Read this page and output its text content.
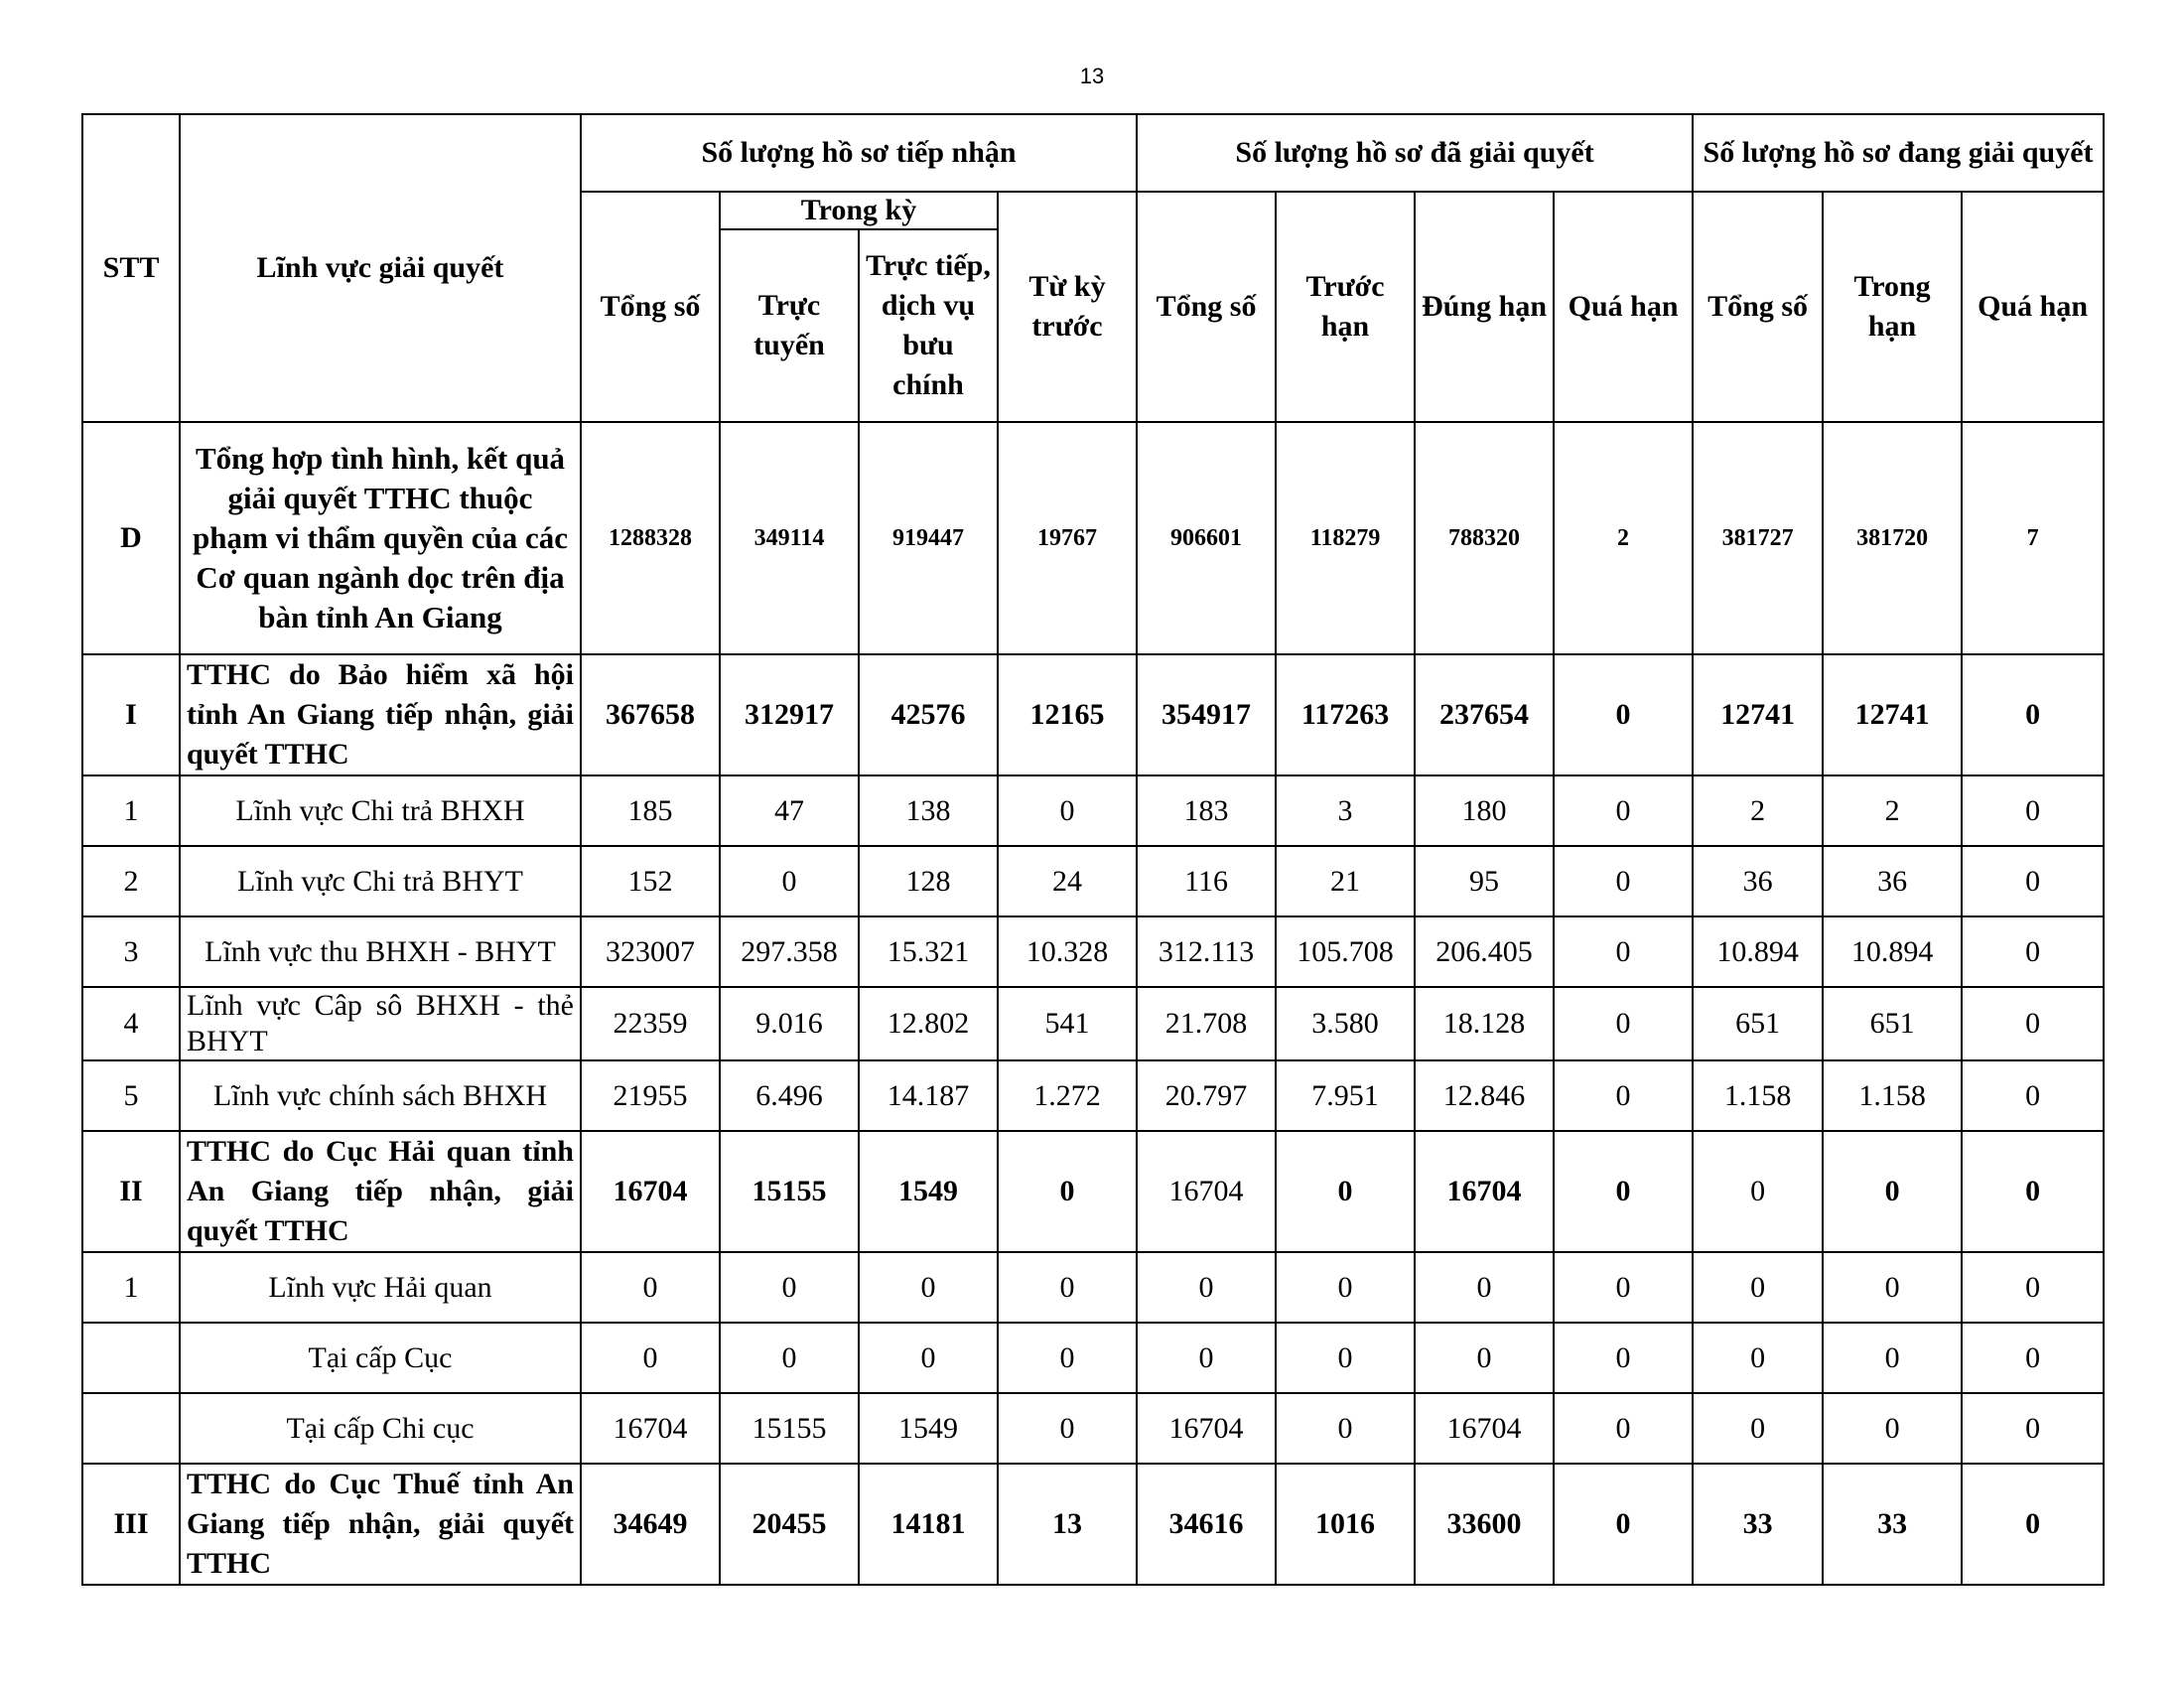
13
STT	Lĩnh vực giải quyết	Số lượng hồ sơ tiếp nhận				Số lượng hồ sơ đã giải quyết				Số lượng hồ sơ đang giải quyết		
		Tổng số	Trong kỳ		Từ kỳ trước	Tổng số	Trước hạn	Đúng hạn	Quá hạn	Tổng số	Trong hạn	Quá hạn
			Trực tuyến	Trực tiếp, dịch vụ bưu chính								
D	Tổng hợp tình hình, kết quả giải quyết TTHC thuộc phạm vi thẩm quyền của các Cơ quan ngành dọc trên địa bàn tỉnh An Giang	1288328	349114	919447	19767	906601	118279	788320	2	381727	381720	7
I	TTHC do Bảo hiểm xã hội tỉnh An Giang tiếp nhận, giải quyết TTHC	367658	312917	42576	12165	354917	117263	237654	0	12741	12741	0
1	Lĩnh vực Chi trả BHXH	185	47	138	0	183	3	180	0	2	2	0
2	Lĩnh vực Chi trả BHYT	152	0	128	24	116	21	95	0	36	36	0
3	Lĩnh vực thu BHXH - BHYT	323007	297.358	15.321	10.328	312.113	105.708	206.405	0	10.894	10.894	0
4	Lĩnh vực Câp sô BHXH - thẻ BHYT	22359	9.016	12.802	541	21.708	3.580	18.128	0	651	651	0
5	Lĩnh vực chính sách BHXH	21955	6.496	14.187	1.272	20.797	7.951	12.846	0	1.158	1.158	0
II	TTHC do Cục Hải quan tỉnh An Giang tiếp nhận, giải quyết TTHC	16704	15155	1549	0	16704	0	16704	0	0	0	0
1	Lĩnh vực Hải quan	0	0	0	0	0	0	0	0	0	0	0
	Tại cấp Cục	0	0	0	0	0	0	0	0	0	0	0
	Tại cấp Chi cục	16704	15155	1549	0	16704	0	16704	0	0	0	0
III	TTHC do Cục Thuế tỉnh An Giang tiếp nhận, giải quyết TTHC	34649	20455	14181	13	34616	1016	33600	0	33	33	0
